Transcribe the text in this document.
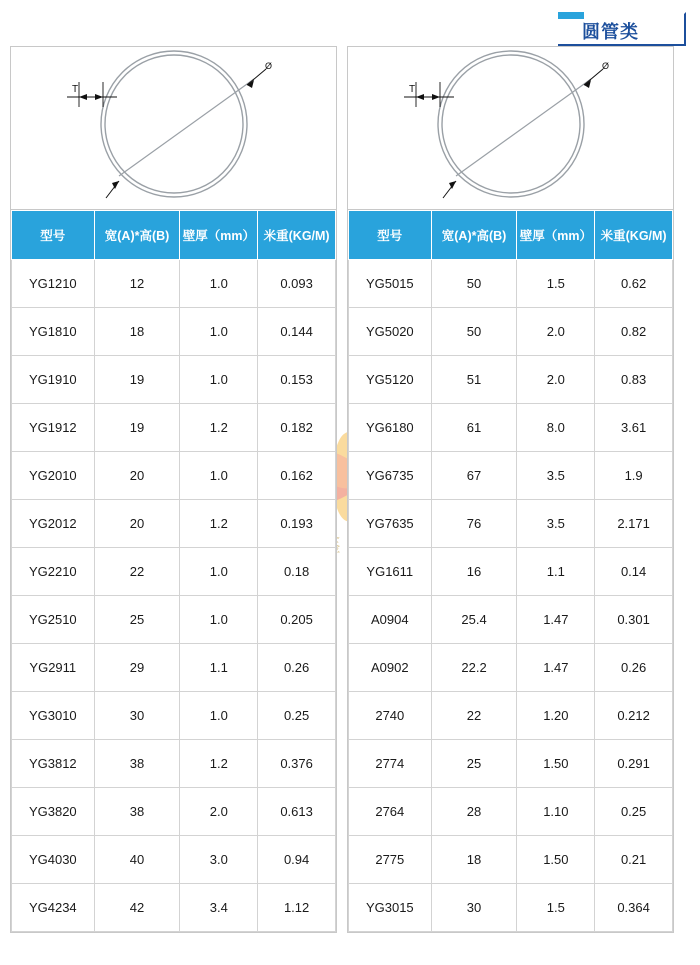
圆管类
Ø
T
型号	宽(A)*高(B)	壁厚（mm）	米重(KG/M)
YG1210	12	1.0	0.093
YG1810	18	1.0	0.144
YG1910	19	1.0	0.153
YG1912	19	1.2	0.182
YG2010	20	1.0	0.162
YG2012	20	1.2	0.193
YG2210	22	1.0	0.18
YG2510	25	1.0	0.205
YG2911	29	1.1	0.26
YG3010	30	1.0	0.25
YG3812	38	1.2	0.376
YG3820	38	2.0	0.613
YG4030	40	3.0	0.94
YG4234	42	3.4	1.12
Ø
T
型号	宽(A)*高(B)	壁厚（mm）	米重(KG/M)
YG5015	50	1.5	0.62
YG5020	50	2.0	0.82
YG5120	51	2.0	0.83
YG6180	61	8.0	3.61
YG6735	67	3.5	1.9
YG7635	76	3.5	2.171
YG1611	16	1.1	0.14
A0904	25.4	1.47	0.301
A0902	22.2	1.47	0.26
2740	22	1.20	0.212
2774	25	1.50	0.291
2764	28	1.10	0.25
2775	18	1.50	0.21
YG3015	30	1.5	0.364
